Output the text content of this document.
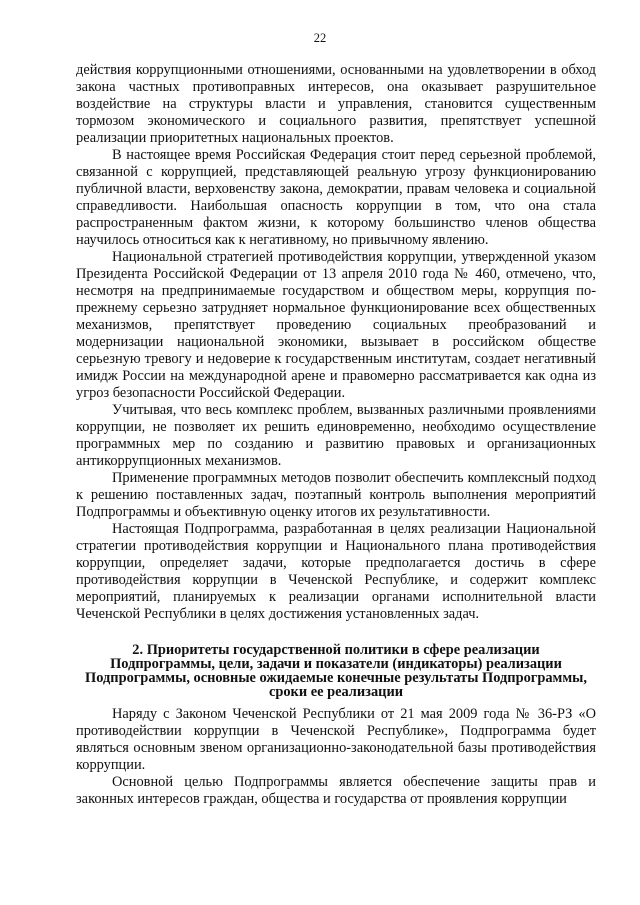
22

действия коррупционными отношениями, основанными на удовлетворении в обход закона частных противоправных интересов, она оказывает разрушительное воздействие на структуры власти и управления, становится существенным тормозом экономического и социального развития, препятствует успешной реализации приоритетных национальных проектов.

В настоящее время Российская Федерация стоит перед серьезной проблемой, связанной с коррупцией, представляющей реальную угрозу функционированию публичной власти, верховенству закона, демократии, правам человека и социальной справедливости. Наибольшая опасность коррупции в том, что она стала распространенным фактом жизни, к которому большинство членов общества научилось относиться как к негативному, но привычному явлению.

Национальной стратегией противодействия коррупции, утвержденной указом Президента Российской Федерации от 13 апреля 2010 года № 460, отмечено, что, несмотря на предпринимаемые государством и обществом меры, коррупция по-прежнему серьезно затрудняет нормальное функционирование всех общественных механизмов, препятствует проведению социальных преобразований и модернизации национальной экономики, вызывает в российском обществе серьезную тревогу и недоверие к государственным институтам, создает негативный имидж России на международной арене и правомерно рассматривается как одна из угроз безопасности Российской Федерации.

Учитывая, что весь комплекс проблем, вызванных различными проявлениями коррупции, не позволяет их решить единовременно, необходимо осуществление программных мер по созданию и развитию правовых и организационных антикоррупционных механизмов.

Применение программных методов позволит обеспечить комплексный подход к решению поставленных задач, поэтапный контроль выполнения мероприятий Подпрограммы и объективную оценку итогов их результативности.

Настоящая Подпрограмма, разработанная в целях реализации Национальной стратегии противодействия коррупции и Национального плана противодействия коррупции, определяет задачи, которые предполагается достичь в сфере противодействия коррупции в Чеченской Республике, и содержит комплекс мероприятий, планируемых к реализации органами исполнительной власти Чеченской Республики в целях достижения установленных задач.

2. Приоритеты государственной политики в сфере реализации
Подпрограммы, цели, задачи и показатели (индикаторы) реализации
Подпрограммы, основные ожидаемые конечные результаты Подпрограммы,
сроки ее реализации

Наряду с Законом Чеченской Республики от 21 мая 2009 года № 36-РЗ «О противодействии коррупции в Чеченской Республике», Подпрограмма будет являться основным звеном организационно-законодательной базы противодействия коррупции.

Основной целью Подпрограммы является обеспечение защиты прав и законных интересов граждан, общества и государства от проявления коррупции
